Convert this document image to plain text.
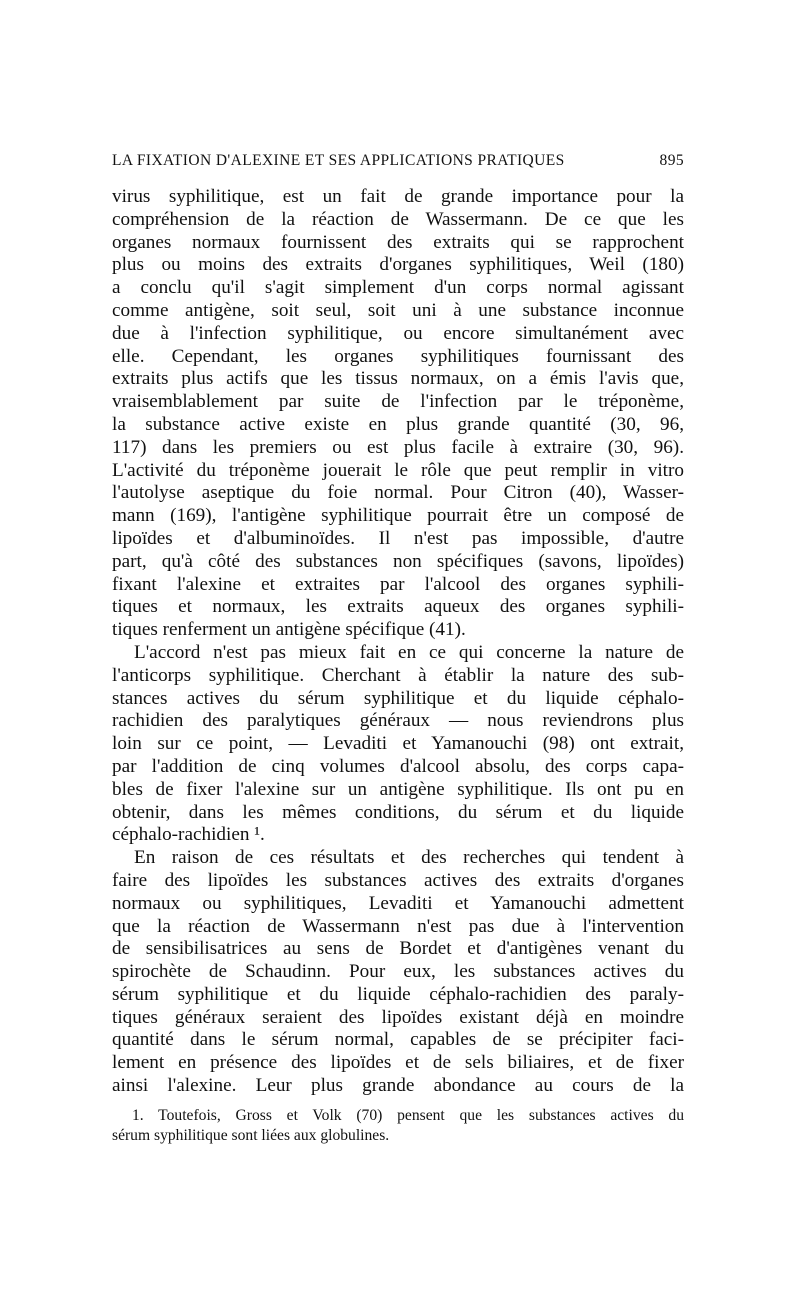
LA FIXATION D'ALEXINE ET SES APPLICATIONS PRATIQUES	895
virus syphilitique, est un fait de grande importance pour la
compréhension de la réaction de Wassermann. De ce que les
organes normaux fournissent des extraits qui se rapprochent
plus ou moins des extraits d'organes syphilitiques, Weil (180)
a conclu qu'il s'agit simplement d'un corps normal agissant
comme antigène, soit seul, soit uni à une substance inconnue
due à l'infection syphilitique, ou encore simultanément avec
elle. Cependant, les organes syphilitiques fournissant des
extraits plus actifs que les tissus normaux, on a émis l'avis que,
vraisemblablement par suite de l'infection par le tréponème,
la substance active existe en plus grande quantité (30, 96,
117) dans les premiers ou est plus facile à extraire (30, 96).
L'activité du tréponème jouerait le rôle que peut remplir in vitro
l'autolyse aseptique du foie normal. Pour Citron (40), Wasser-
mann (169), l'antigène syphilitique pourrait être un composé de
lipoïdes et d'albuminoïdes. Il n'est pas impossible, d'autre
part, qu'à côté des substances non spécifiques (savons, lipoïdes)
fixant l'alexine et extraites par l'alcool des organes syphili-
tiques et normaux, les extraits aqueux des organes syphili-
tiques renferment un antigène spécifique (41).
L'accord n'est pas mieux fait en ce qui concerne la nature de
l'anticorps syphilitique. Cherchant à établir la nature des sub-
stances actives du sérum syphilitique et du liquide céphalo-
rachidien des paralytiques généraux — nous reviendrons plus
loin sur ce point, — Levaditi et Yamanouchi (98) ont extrait,
par l'addition de cinq volumes d'alcool absolu, des corps capa-
bles de fixer l'alexine sur un antigène syphilitique. Ils ont pu en
obtenir, dans les mêmes conditions, du sérum et du liquide
céphalo-rachidien ¹.
En raison de ces résultats et des recherches qui tendent à
faire des lipoïdes les substances actives des extraits d'organes
normaux ou syphilitiques, Levaditi et Yamanouchi admettent
que la réaction de Wassermann n'est pas due à l'intervention
de sensibilisatrices au sens de Bordet et d'antigènes venant du
spirochète de Schaudinn. Pour eux, les substances actives du
sérum syphilitique et du liquide céphalo-rachidien des paraly-
tiques généraux seraient des lipoïdes existant déjà en moindre
quantité dans le sérum normal, capables de se précipiter faci-
lement en présence des lipoïdes et de sels biliaires, et de fixer
ainsi l'alexine. Leur plus grande abondance au cours de la
1. Toutefois, Gross et Volk (70) pensent que les substances actives du
sérum syphilitique sont liées aux globulines.
